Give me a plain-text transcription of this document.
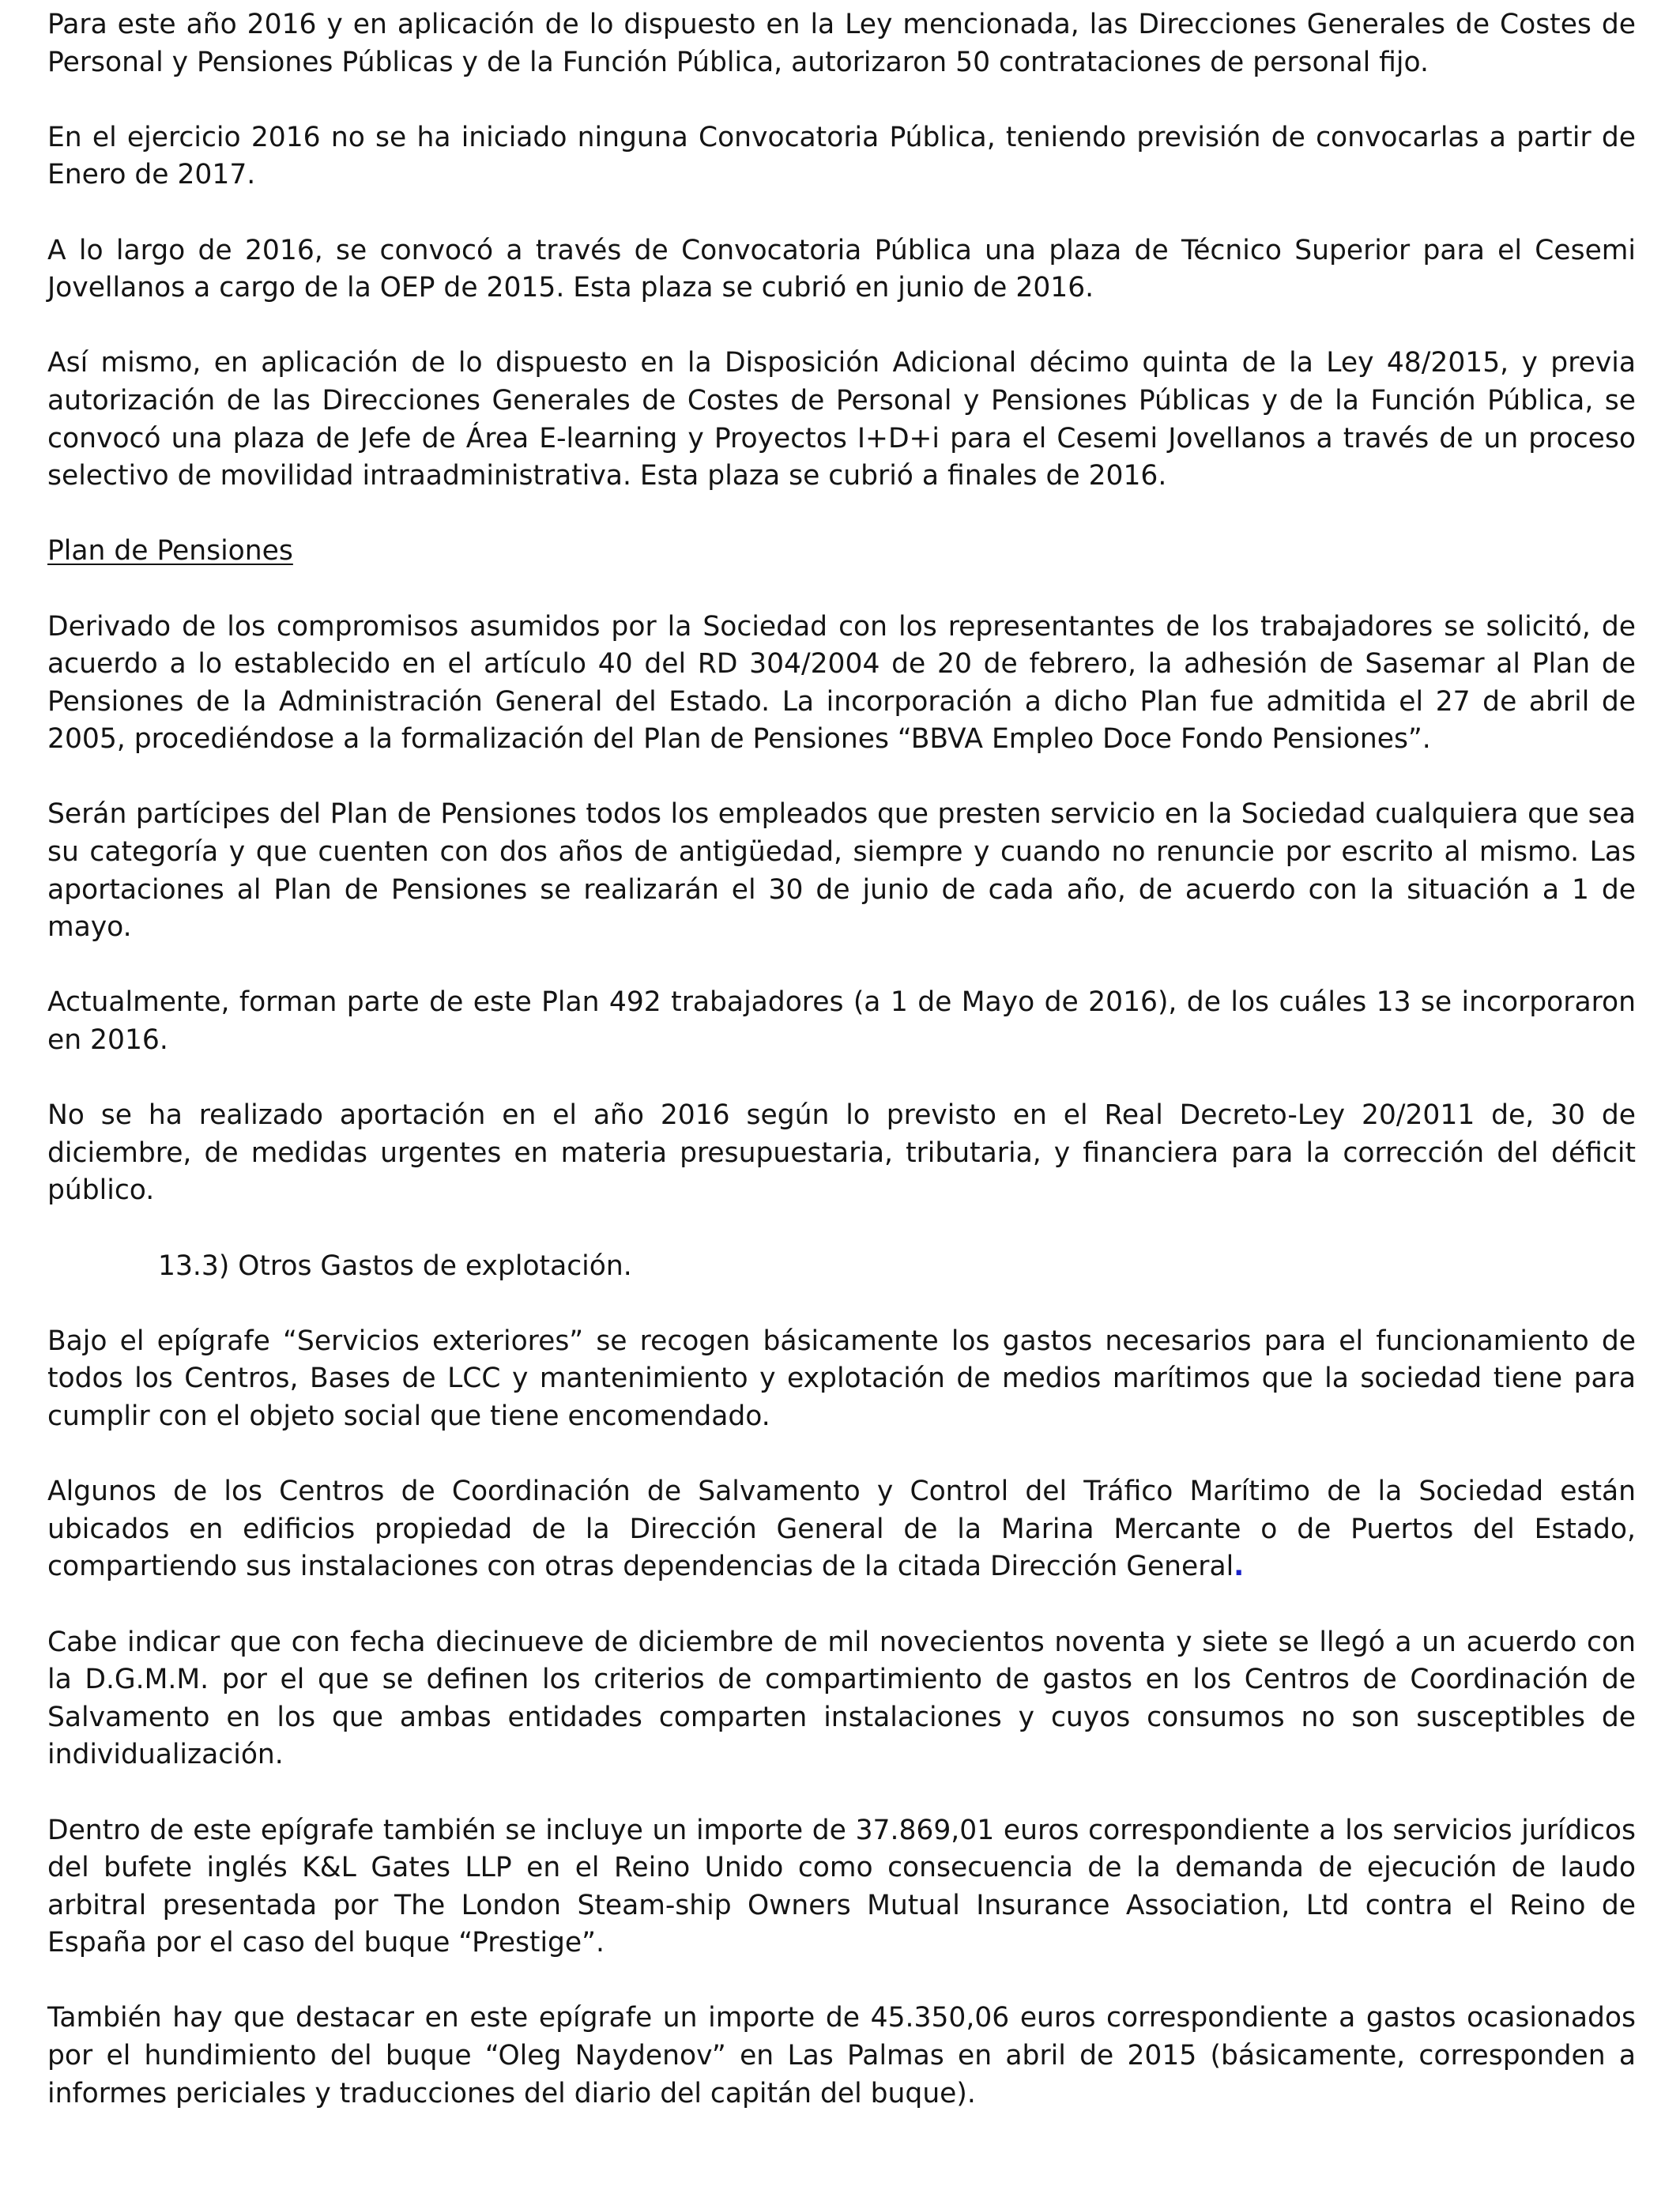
Para este año 2016 y en aplicación de lo dispuesto en la Ley mencionada, las Direcciones Generales de Costes de Personal y Pensiones Públicas y de la Función Pública, autorizaron 50 contrataciones de personal fijo.

En el ejercicio 2016 no se ha iniciado ninguna Convocatoria Pública, teniendo previsión de convocarlas a partir de Enero de 2017.

A lo largo de 2016, se convocó a través de Convocatoria Pública una plaza de Técnico Superior para el Cesemi Jovellanos a cargo de la OEP de 2015. Esta plaza se cubrió en junio de 2016.

Así mismo, en aplicación de lo dispuesto en la Disposición Adicional décimo quinta de la Ley 48/2015, y previa autorización de las Direcciones Generales de Costes de Personal y Pensiones Públicas y de la Función Pública, se convocó una plaza de Jefe de Área E-learning y Proyectos I+D+i para el Cesemi Jovellanos a través de un proceso selectivo de movilidad intraadministrativa. Esta plaza se cubrió a finales de 2016.

Plan de Pensiones

Derivado de los compromisos asumidos por la Sociedad con los representantes de los trabajadores se solicitó, de acuerdo a lo establecido en el artículo 40 del RD 304/2004 de 20 de febrero, la adhesión de Sasemar al Plan de Pensiones de la Administración General del Estado. La incorporación a dicho Plan fue admitida el 27 de abril de 2005, procediéndose a la formalización del Plan de Pensiones “BBVA Empleo Doce Fondo Pensiones”.

Serán partícipes del Plan de Pensiones todos los empleados que presten servicio en la Sociedad cualquiera que sea su categoría y que cuenten con dos años de antigüedad, siempre y cuando no renuncie por escrito al mismo. Las aportaciones al Plan de Pensiones se realizarán el 30 de junio de cada año, de acuerdo con la situación a 1 de mayo.

Actualmente, forman parte de este Plan 492 trabajadores (a 1 de Mayo de 2016), de los cuáles 13 se incorporaron en 2016.

No se ha realizado aportación en el año 2016 según lo previsto en el Real Decreto-Ley 20/2011 de, 30 de diciembre, de medidas urgentes en materia presupuestaria, tributaria, y financiera para la corrección del déficit público.

13.3) Otros Gastos de explotación.

Bajo el epígrafe “Servicios exteriores” se recogen básicamente los gastos necesarios para el funcionamiento de todos los Centros, Bases de LCC y mantenimiento y explotación de medios marítimos que la sociedad tiene para cumplir con el objeto social que tiene encomendado.

Algunos de los Centros de Coordinación de Salvamento y Control del Tráfico Marítimo de la Sociedad están ubicados en edificios propiedad de la Dirección General de la Marina Mercante o de Puertos del Estado, compartiendo sus instalaciones con otras dependencias de la citada Dirección General.

Cabe indicar que con fecha diecinueve de diciembre de mil novecientos noventa y siete se llegó a un acuerdo con la D.G.M.M. por el que se definen los criterios de compartimiento de gastos en los Centros de Coordinación de Salvamento en los que ambas entidades comparten instalaciones y cuyos consumos no son susceptibles de individualización.

Dentro de este epígrafe también se incluye un importe de 37.869,01 euros correspondiente a los servicios jurídicos del bufete inglés K&L Gates LLP en el Reino Unido como consecuencia de la demanda de ejecución de laudo arbitral presentada por The London Steam-ship Owners Mutual Insurance Association, Ltd contra el Reino de España por el caso del buque “Prestige”.

También hay que destacar en este epígrafe un importe de 45.350,06 euros correspondiente a gastos ocasionados por el hundimiento del buque “Oleg Naydenov” en Las Palmas en abril de 2015 (básicamente, corresponden a informes periciales y traducciones del diario del capitán del buque).
